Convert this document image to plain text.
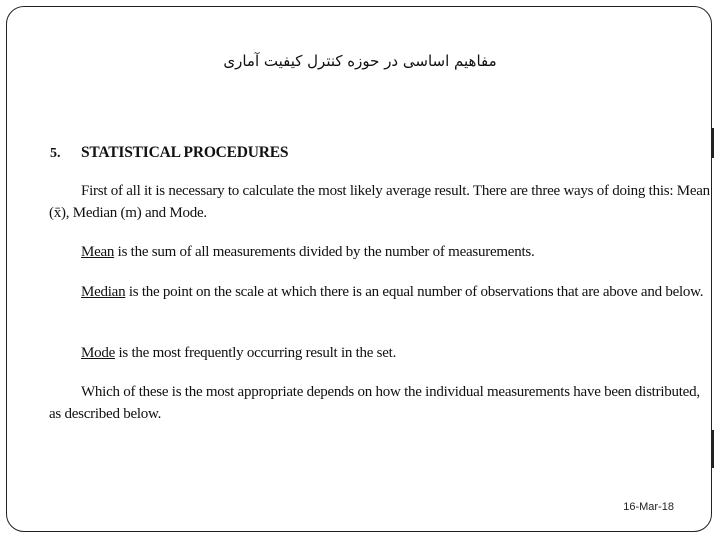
مفاهیم اساسی در حوزه کنترل کیفیت آماری
5. STATISTICAL PROCEDURES

First of all it is necessary to calculate the most likely average result. There are three ways of doing this: Mean (x̄), Median (m) and Mode.

Mean is the sum of all measurements divided by the number of measurements.

Median is the point on the scale at which there is an equal number of observations that are above and below.

Mode is the most frequently occurring result in the set.

Which of these is the most appropriate depends on how the individual measurements have been distributed, as described below.

16-Mar-18
